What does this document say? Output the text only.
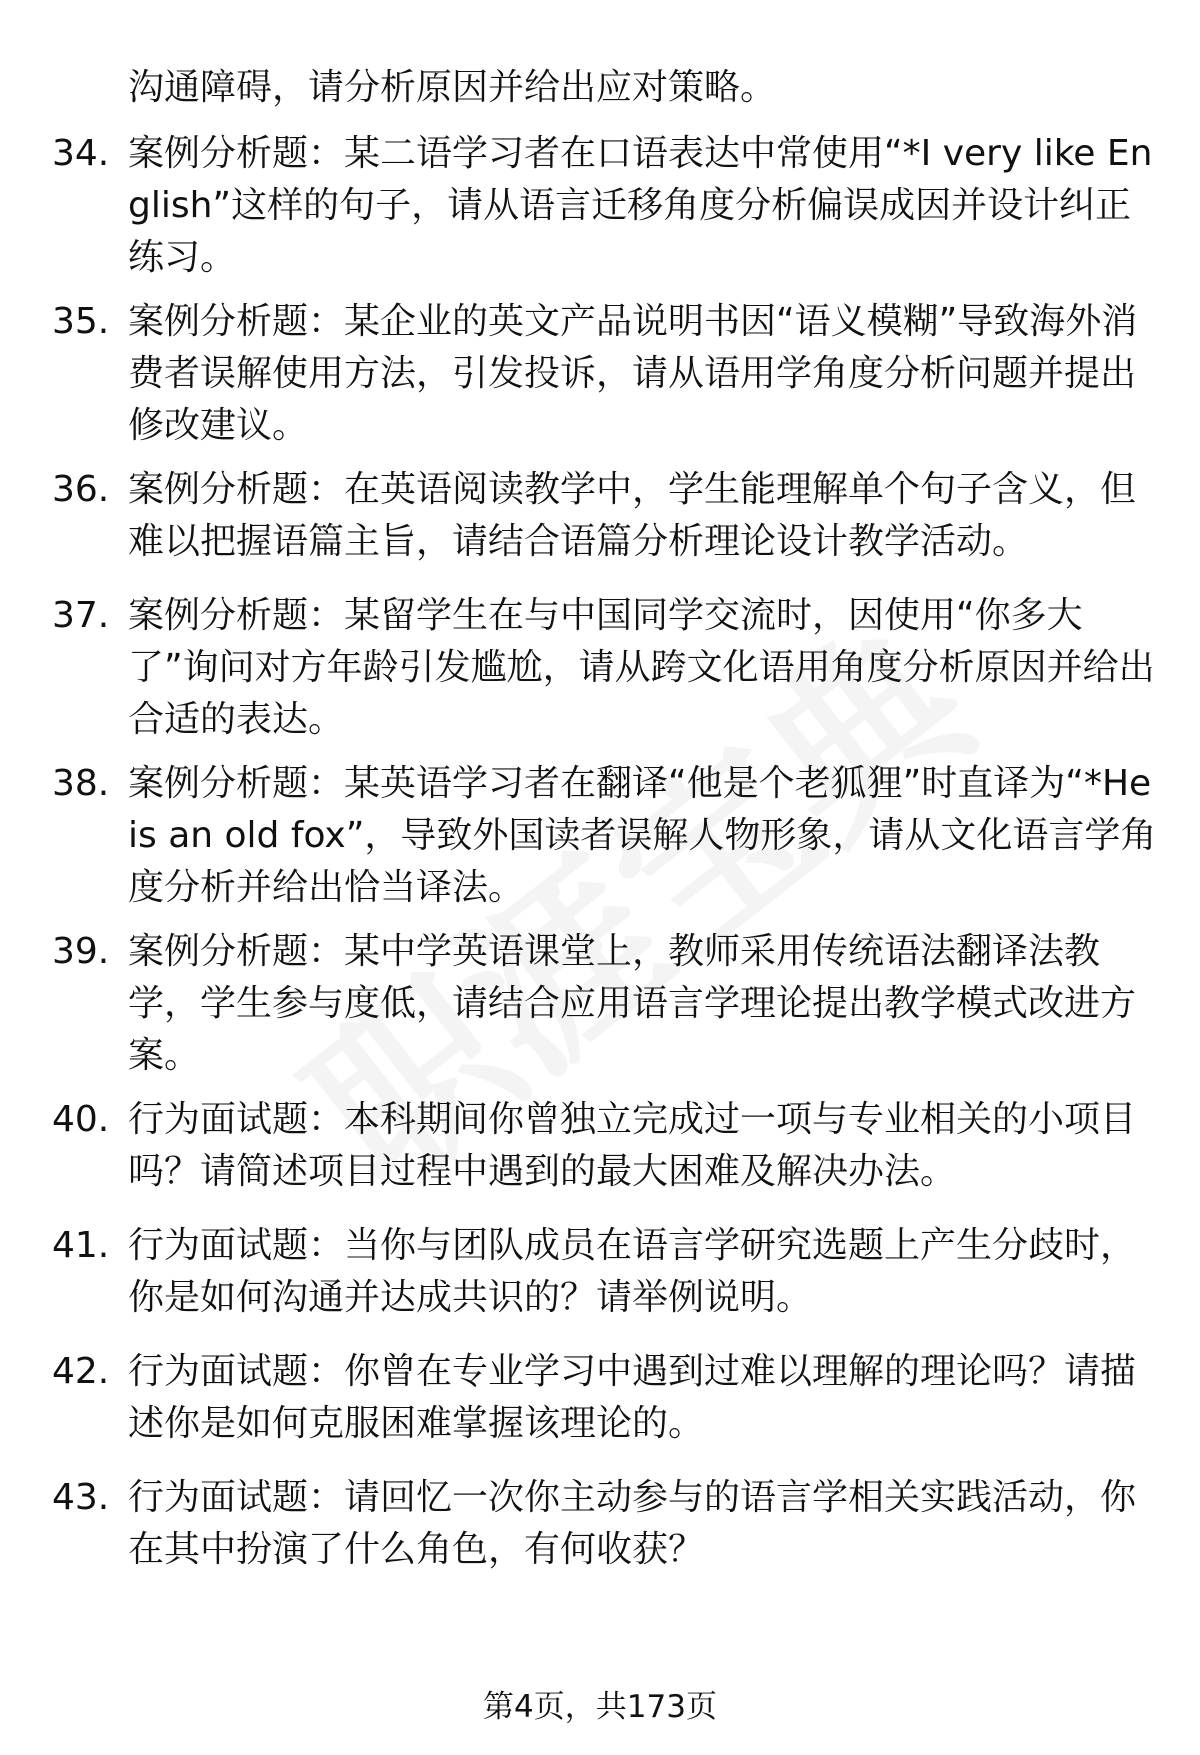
沟通障碍，请分析原因并给出应对策略。
34. 案例分析题：某二语学习者在口语表达中常使用“*I very like English”这样的句子，请从语言迁移角度分析偏误成因并设计纠正练习。
35. 案例分析题：某企业的英文产品说明书因“语义模糊”导致海外消费者误解使用方法，引发投诉，请从语用学角度分析问题并提出修改建议。
36. 案例分析题：在英语阅读教学中，学生能理解单个句子含义，但难以把握语篇主旨，请结合语篇分析理论设计教学活动。
37. 案例分析题：某留学生在与中国同学交流时，因使用“你多大了”询问对方年龄引发尴尬，请从跨文化语用角度分析原因并给出合适的表达。
38. 案例分析题：某英语学习者在翻译“他是个老狐狸”时直译为“*He is an old fox”，导致外国读者误解人物形象，请从文化语言学角度分析并给出恰当译法。
39. 案例分析题：某中学英语课堂上，教师采用传统语法翻译法教学，学生参与度低，请结合应用语言学理论提出教学模式改进方案。
40. 行为面试题：本科期间你曾独立完成过一项与专业相关的小项目吗？请简述项目过程中遇到的最大困难及解决办法。
41. 行为面试题：当你与团队成员在语言学研究选题上产生分歧时，你是如何沟通并达成共识的？请举例说明。
42. 行为面试题：你曾在专业学习中遇到过难以理解的理论吗？请描述你是如何克服困难掌握该理论的。
43. 行为面试题：请回忆一次你主动参与的语言学相关实践活动，你在其中扮演了什么角色，有何收获？
第4页，共173页
